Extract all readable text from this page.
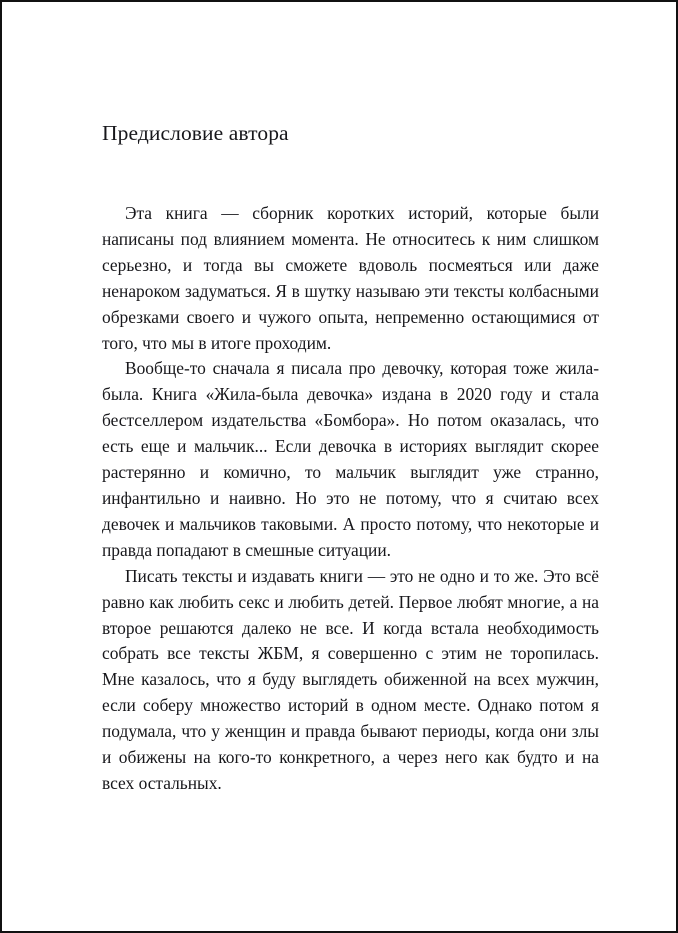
Предисловие автора

Эта книга — сборник коротких историй, которые были написаны под влиянием момента. Не относитесь к ним слишком серьезно, и тогда вы сможете вдоволь посмеяться или даже ненароком задуматься. Я в шутку называю эти тексты колбасными обрезками своего и чужого опыта, непременно остающимися от того, что мы в итоге проходим.

Вообще-то сначала я писала про девочку, которая тоже жила-была. Книга «Жила-была девочка» издана в 2020 году и стала бестселлером издательства «Бомбора». Но потом оказалась, что есть еще и мальчик... Если девочка в историях выглядит скорее растерянно и комично, то мальчик выглядит уже странно, инфантильно и наивно. Но это не потому, что я считаю всех девочек и мальчиков таковыми. А просто потому, что некоторые и правда попадают в смешные ситуации.

Писать тексты и издавать книги — это не одно и то же. Это всё равно как любить секс и любить детей. Первое любят многие, а на второе решаются далеко не все. И когда встала необходимость собрать все тексты ЖБМ, я совершенно с этим не торопилась. Мне казалось, что я буду выглядеть обиженной на всех мужчин, если соберу множество историй в одном месте. Однако потом я подумала, что у женщин и правда бывают периоды, когда они злы и обижены на кого-то конкретного, а через него как будто и на всех остальных.
